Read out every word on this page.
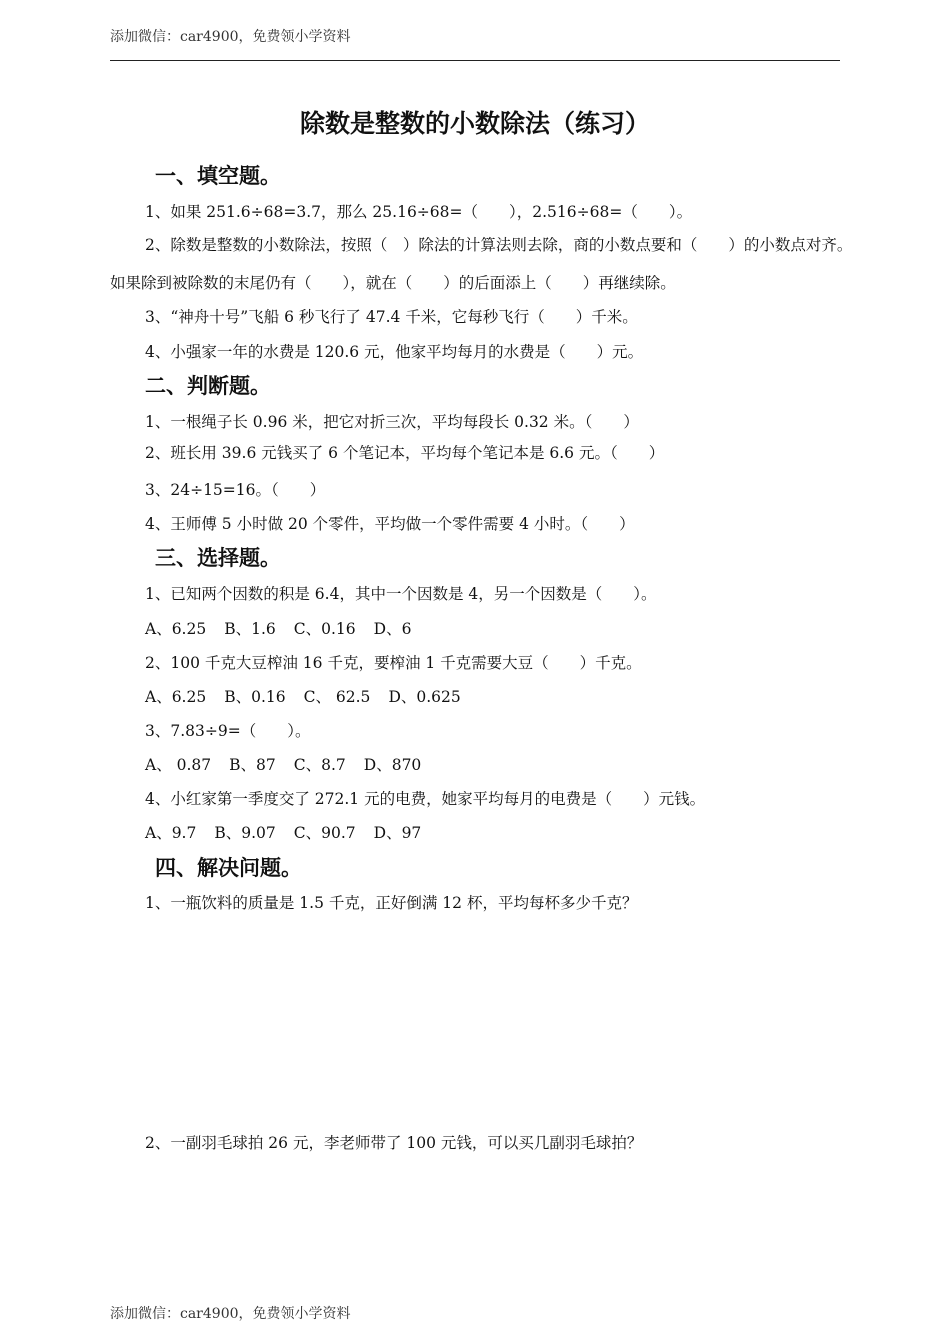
添加微信：car4900，免费领小学资料
除数是整数的小数除法（练习）
一、填空题。
1、如果 251.6÷68=3.7，那么 25.16÷68=（　　），2.516÷68=（　　）。
2、除数是整数的小数除法，按照（　）除法的计算法则去除，商的小数点要和（　　）的小数点对齐。
如果除到被除数的末尾仍有（　　），就在（　　）的后面添上（　　）再继续除。
3、“神舟十号”飞船 6 秒飞行了 47.4 千米，它每秒飞行（　　）千米。
4、小强家一年的水费是 120.6 元，他家平均每月的水费是（　　）元。
二、判断题。
1、一根绳子长 0.96 米，把它对折三次，平均每段长 0.32 米。（　　）
2、班长用 39.6 元钱买了 6 个笔记本，平均每个笔记本是 6.6 元。（　　）
3、24÷15=16。（　　）
4、王师傅 5 小时做 20 个零件，平均做一个零件需要 4 小时。（　　）
三、选择题。
1、已知两个因数的积是 6.4，其中一个因数是 4，另一个因数是（　　）。
A、6.25 B、1.6 C、0.16 D、6
2、100 千克大豆榨油 16 千克，要榨油 1 千克需要大豆（　　）千克。
A、6.25 B、0.16 C、 62.5 D、0.625
3、7.83÷9=（　　）。
A、 0.87 B、87 C、8.7 D、870
4、小红家第一季度交了 272.1 元的电费，她家平均每月的电费是（　　）元钱。
A、9.7 B、9.07 C、90.7 D、97
四、解决问题。
1、一瓶饮料的质量是 1.5 千克，正好倒满 12 杯，平均每杯多少千克？
2、一副羽毛球拍 26 元，李老师带了 100 元钱，可以买几副羽毛球拍？
添加微信：car4900，免费领小学资料
